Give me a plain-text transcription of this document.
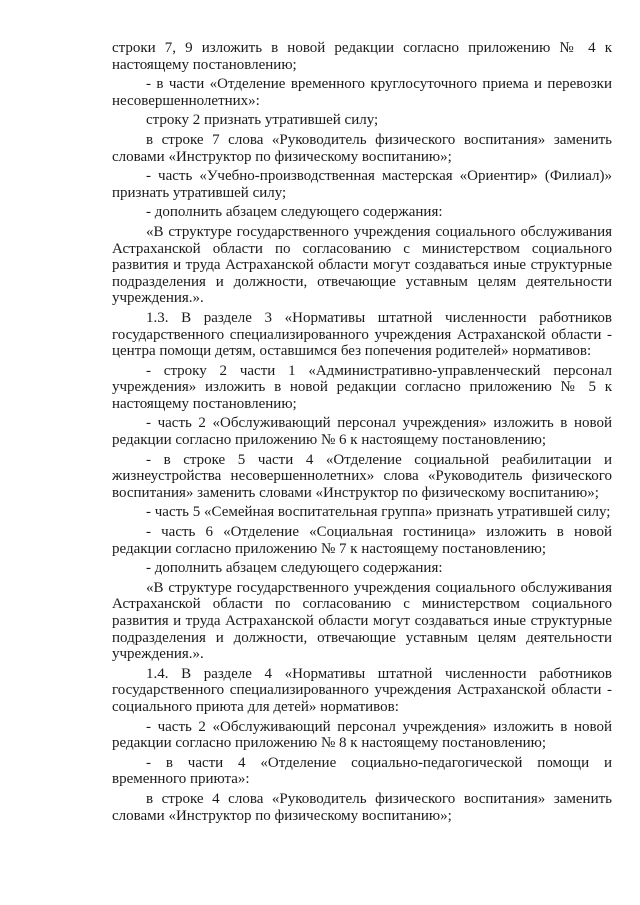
строки 7, 9 изложить в новой редакции согласно приложению № 4 к настоящему постановлению;

- в части «Отделение временного круглосуточного приема и перевозки несовершеннолетних»:

строку 2 признать утратившей силу;

в строке 7 слова «Руководитель физического воспитания» заменить словами «Инструктор по физическому воспитанию»;

- часть «Учебно-производственная мастерская «Ориентир» (Филиал)» признать утратившей силу;

- дополнить абзацем следующего содержания:

«В структуре государственного учреждения социального обслуживания Астраханской области по согласованию с министерством социального развития и труда Астраханской области могут создаваться иные структурные подразделения и должности, отвечающие уставным целям деятельности учреждения.».

1.3. В разделе 3 «Нормативы штатной численности работников государственного специализированного учреждения Астраханской области - центра помощи детям, оставшимся без попечения родителей» нормативов:

- строку 2 части 1 «Административно-управленческий персонал учреждения» изложить в новой редакции согласно приложению № 5 к настоящему постановлению;

- часть 2 «Обслуживающий персонал учреждения» изложить в новой редакции согласно приложению № 6 к настоящему постановлению;

- в строке 5 части 4 «Отделение социальной реабилитации и жизнеустройства несовершеннолетних» слова «Руководитель физического воспитания» заменить словами «Инструктор по физическому воспитанию»;

- часть 5 «Семейная воспитательная группа» признать утратившей силу;

- часть 6 «Отделение «Социальная гостиница» изложить в новой редакции согласно приложению № 7 к настоящему постановлению;

- дополнить абзацем следующего содержания:

«В структуре государственного учреждения социального обслуживания Астраханской области по согласованию с министерством социального развития и труда Астраханской области могут создаваться иные структурные подразделения и должности, отвечающие уставным целям деятельности учреждения.».

1.4. В разделе 4 «Нормативы штатной численности работников государственного специализированного учреждения Астраханской области - социального приюта для детей» нормативов:

- часть 2 «Обслуживающий персонал учреждения» изложить в новой редакции согласно приложению № 8 к настоящему постановлению;

- в части 4 «Отделение социально-педагогической помощи и временного приюта»:

в строке 4 слова «Руководитель физического воспитания» заменить словами «Инструктор по физическому воспитанию»;
